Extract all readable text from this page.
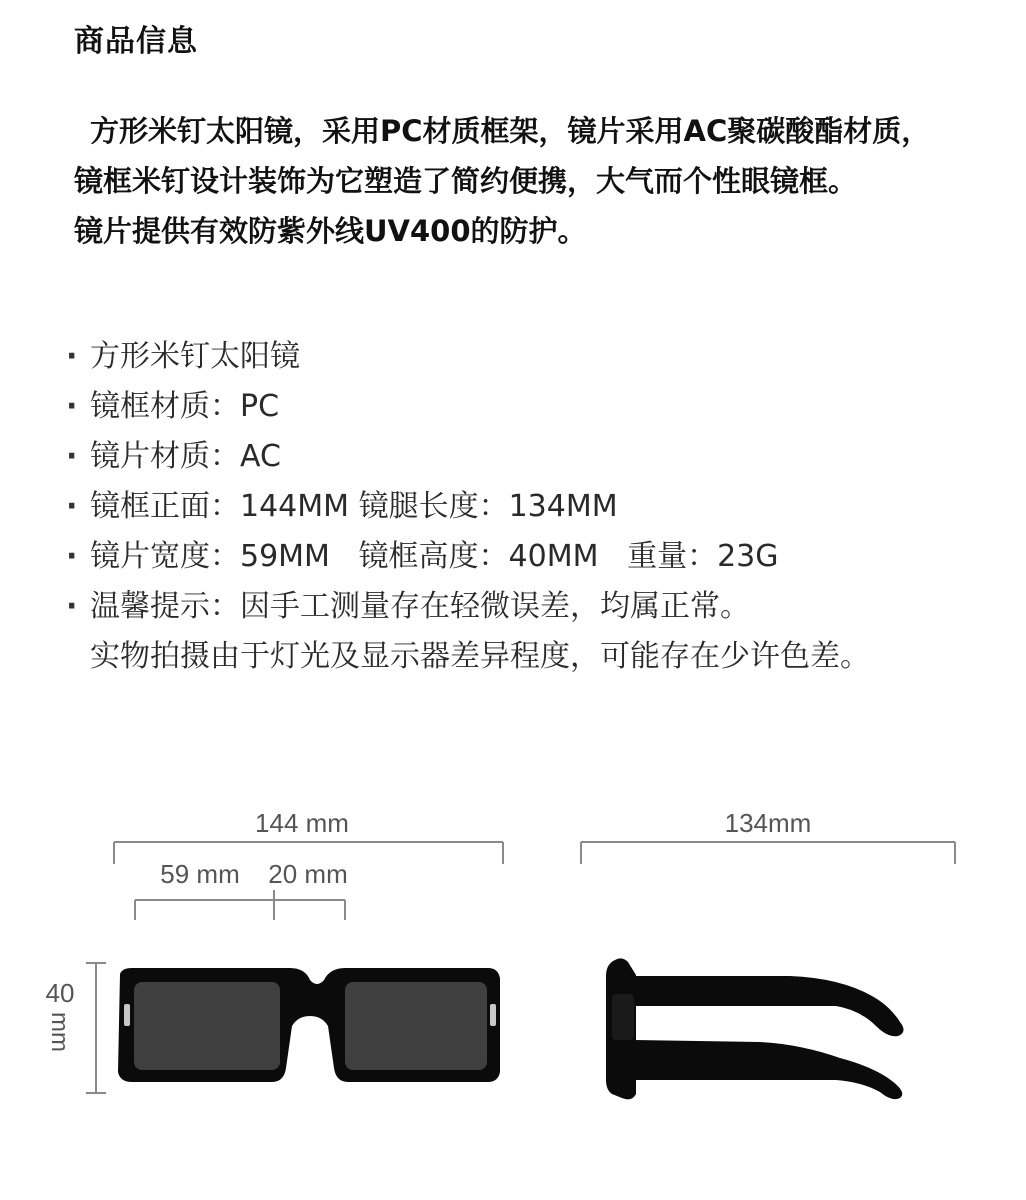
商品信息
方形米钉太阳镜，采用PC材质框架，镜片采用AC聚碳酸酯材质，
镜框米钉设计装饰为它塑造了简约便携，大气而个性眼镜框。
镜片提供有效防紫外线UV400的防护。
· 方形米钉太阳镜
· 镜框材质：PC
· 镜片材质：AC
· 镜框正面：144MM 镜腿长度：134MM
· 镜片宽度：59MM   镜框高度：40MM   重量：23G
· 温馨提示：因手工测量存在轻微误差，均属正常。
实物拍摄由于灯光及显示器差异程度，可能存在少许色差。
144 mm
59 mm 20 mm
40
mm
134mm
